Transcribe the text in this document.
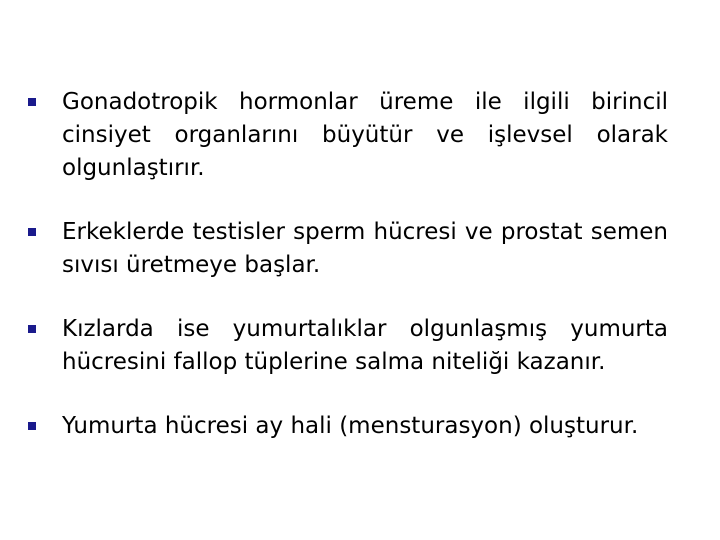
Gonadotropik hormonlar üreme ile ilgili birincil cinsiyet organlarını büyütür ve işlevsel olarak olgunlaştırır.
Erkeklerde testisler sperm hücresi ve prostat semen sıvısı üretmeye başlar.
Kızlarda ise yumurtalıklar olgunlaşmış yumurta hücresini fallop tüplerine salma niteliği kazanır.
Yumurta hücresi ay hali (mensturasyon) oluşturur.
